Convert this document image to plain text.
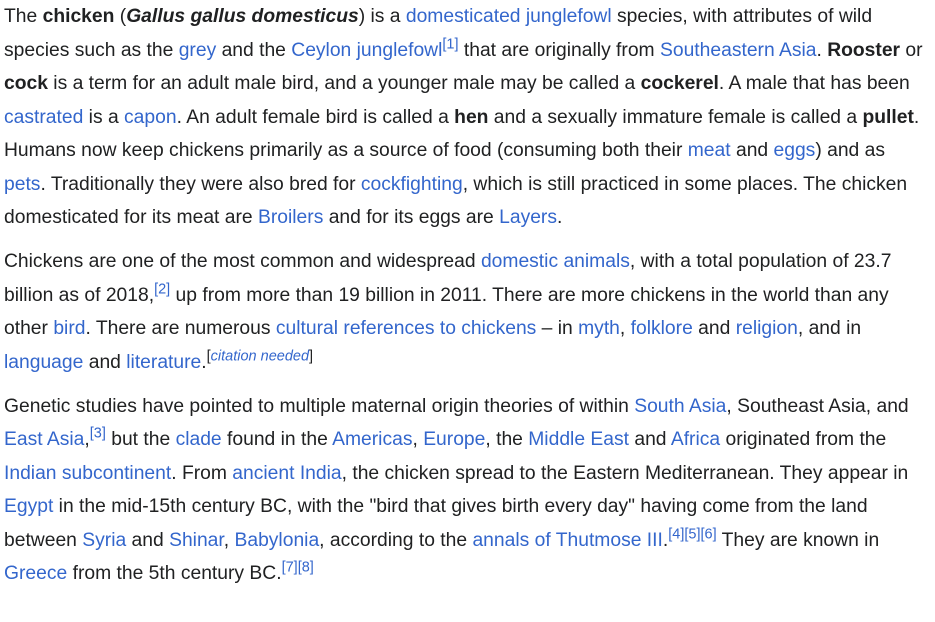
The chicken (Gallus gallus domesticus) is a domesticated junglefowl species, with attributes of wild species such as the grey and the Ceylon junglefowl[1] that are originally from Southeastern Asia. Rooster or cock is a term for an adult male bird, and a younger male may be called a cockerel. A male that has been castrated is a capon. An adult female bird is called a hen and a sexually immature female is called a pullet. Humans now keep chickens primarily as a source of food (consuming both their meat and eggs) and as pets. Traditionally they were also bred for cockfighting, which is still practiced in some places. The chicken domesticated for its meat are Broilers and for its eggs are Layers.

Chickens are one of the most common and widespread domestic animals, with a total population of 23.7 billion as of 2018,[2] up from more than 19 billion in 2011. There are more chickens in the world than any other bird. There are numerous cultural references to chickens – in myth, folklore and religion, and in language and literature.[citation needed]

Genetic studies have pointed to multiple maternal origin theories of within South Asia, Southeast Asia, and East Asia,[3] but the clade found in the Americas, Europe, the Middle East and Africa originated from the Indian subcontinent. From ancient India, the chicken spread to the Eastern Mediterranean. They appear in Egypt in the mid-15th century BC, with the "bird that gives birth every day" having come from the land between Syria and Shinar, Babylonia, according to the annals of Thutmose III.[4][5][6] They are known in Greece from the 5th century BC.[7][8]
